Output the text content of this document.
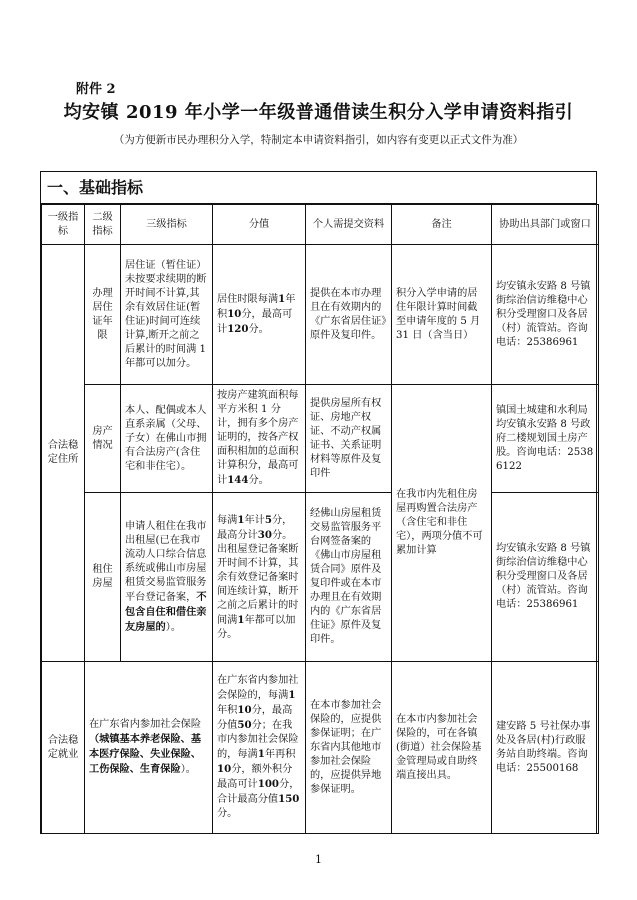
附件 2
均安镇 2019 年小学一年级普通借读生积分入学申请资料指引
（为方便新市民办理积分入学，特制定本申请资料指引，如内容有变更以正式文件为准）
一、基础指标
一级指标	二级指标	三级指标	分值	个人需提交资料	备注	协助出具部门或窗口
合法稳定住所	办理居住证年限	居住证（暂住证）未按要求续期的断开时间不计算,其余有效居住证(暂住证)时间可连续计算,断开之前之后累计的时间满 1 年都可以加分。	居住时限每满1年积10分，最高可计120分。	提供在本市办理且在有效期内的《广东省居住证》原件及复印件。	积分入学申请的居住年限计算时间截至申请年度的 5 月 31 日（含当日）	均安镇永安路 8 号镇街综治信访维稳中心积分受理窗口及各居（村）流管站。咨询电话：25386961
	房产情况	本人、配偶或本人直系亲属（父母、子女）在佛山市拥有合法房产(含住宅和非住宅）。	按房产建筑面积每平方米积 1 分计，拥有多个房产证明的，按各产权面积相加的总面积计算积分，最高可计144分。	提供房屋所有权证、房地产权证、不动产权属证书、关系证明材料等原件及复印件	在我市内先租住房屋再购置合法房产（含住宅和非住宅），两项分值不可累加计算	镇国土城建和水利局均安镇永安路 8 号政府二楼规划国土房产股。咨询电话：25386122
	租住房屋	申请人租住在我市出租屋(已在我市流动人口综合信息系统或佛山市房屋租赁交易监管服务平台登记备案，不包含自住和借住亲友房屋的）。	每满1年计5分，最高分计30分。出租屋登记备案断开时间不计算，其余有效登记备案时间连续计算，断开之前之后累计的时间满1年都可以加分。	经佛山房屋租赁交易监管服务平台网签备案的《佛山市房屋租赁合同》原件及复印件或在本市办理且在有效期内的《广东省居住证》原件及复印件。		均安镇永安路 8 号镇街综治信访维稳中心积分受理窗口及各居（村）流管站。咨询电话：25386961
合法稳定就业	在广东省内参加社会保险（城镇基本养老保险、基本医疗保险、失业保险、工伤保险、生育保险）。		在广东省内参加社会保险的，每满1年积10分，最高分值50分；在我市内参加社会保险的，每满1年再积10分，额外积分最高可计100分，合计最高分值150分。	在本市参加社会保险的，应提供参保证明；在广东省内其他地市参加社会保险的，应提供异地参保证明。	在本市内参加社会保险的，可在各镇(街道）社会保险基金管理局或自助终端直接出具。	建安路 5 号社保办事处及各居(村)行政服务站自助终端。咨询电话：25500168
1
